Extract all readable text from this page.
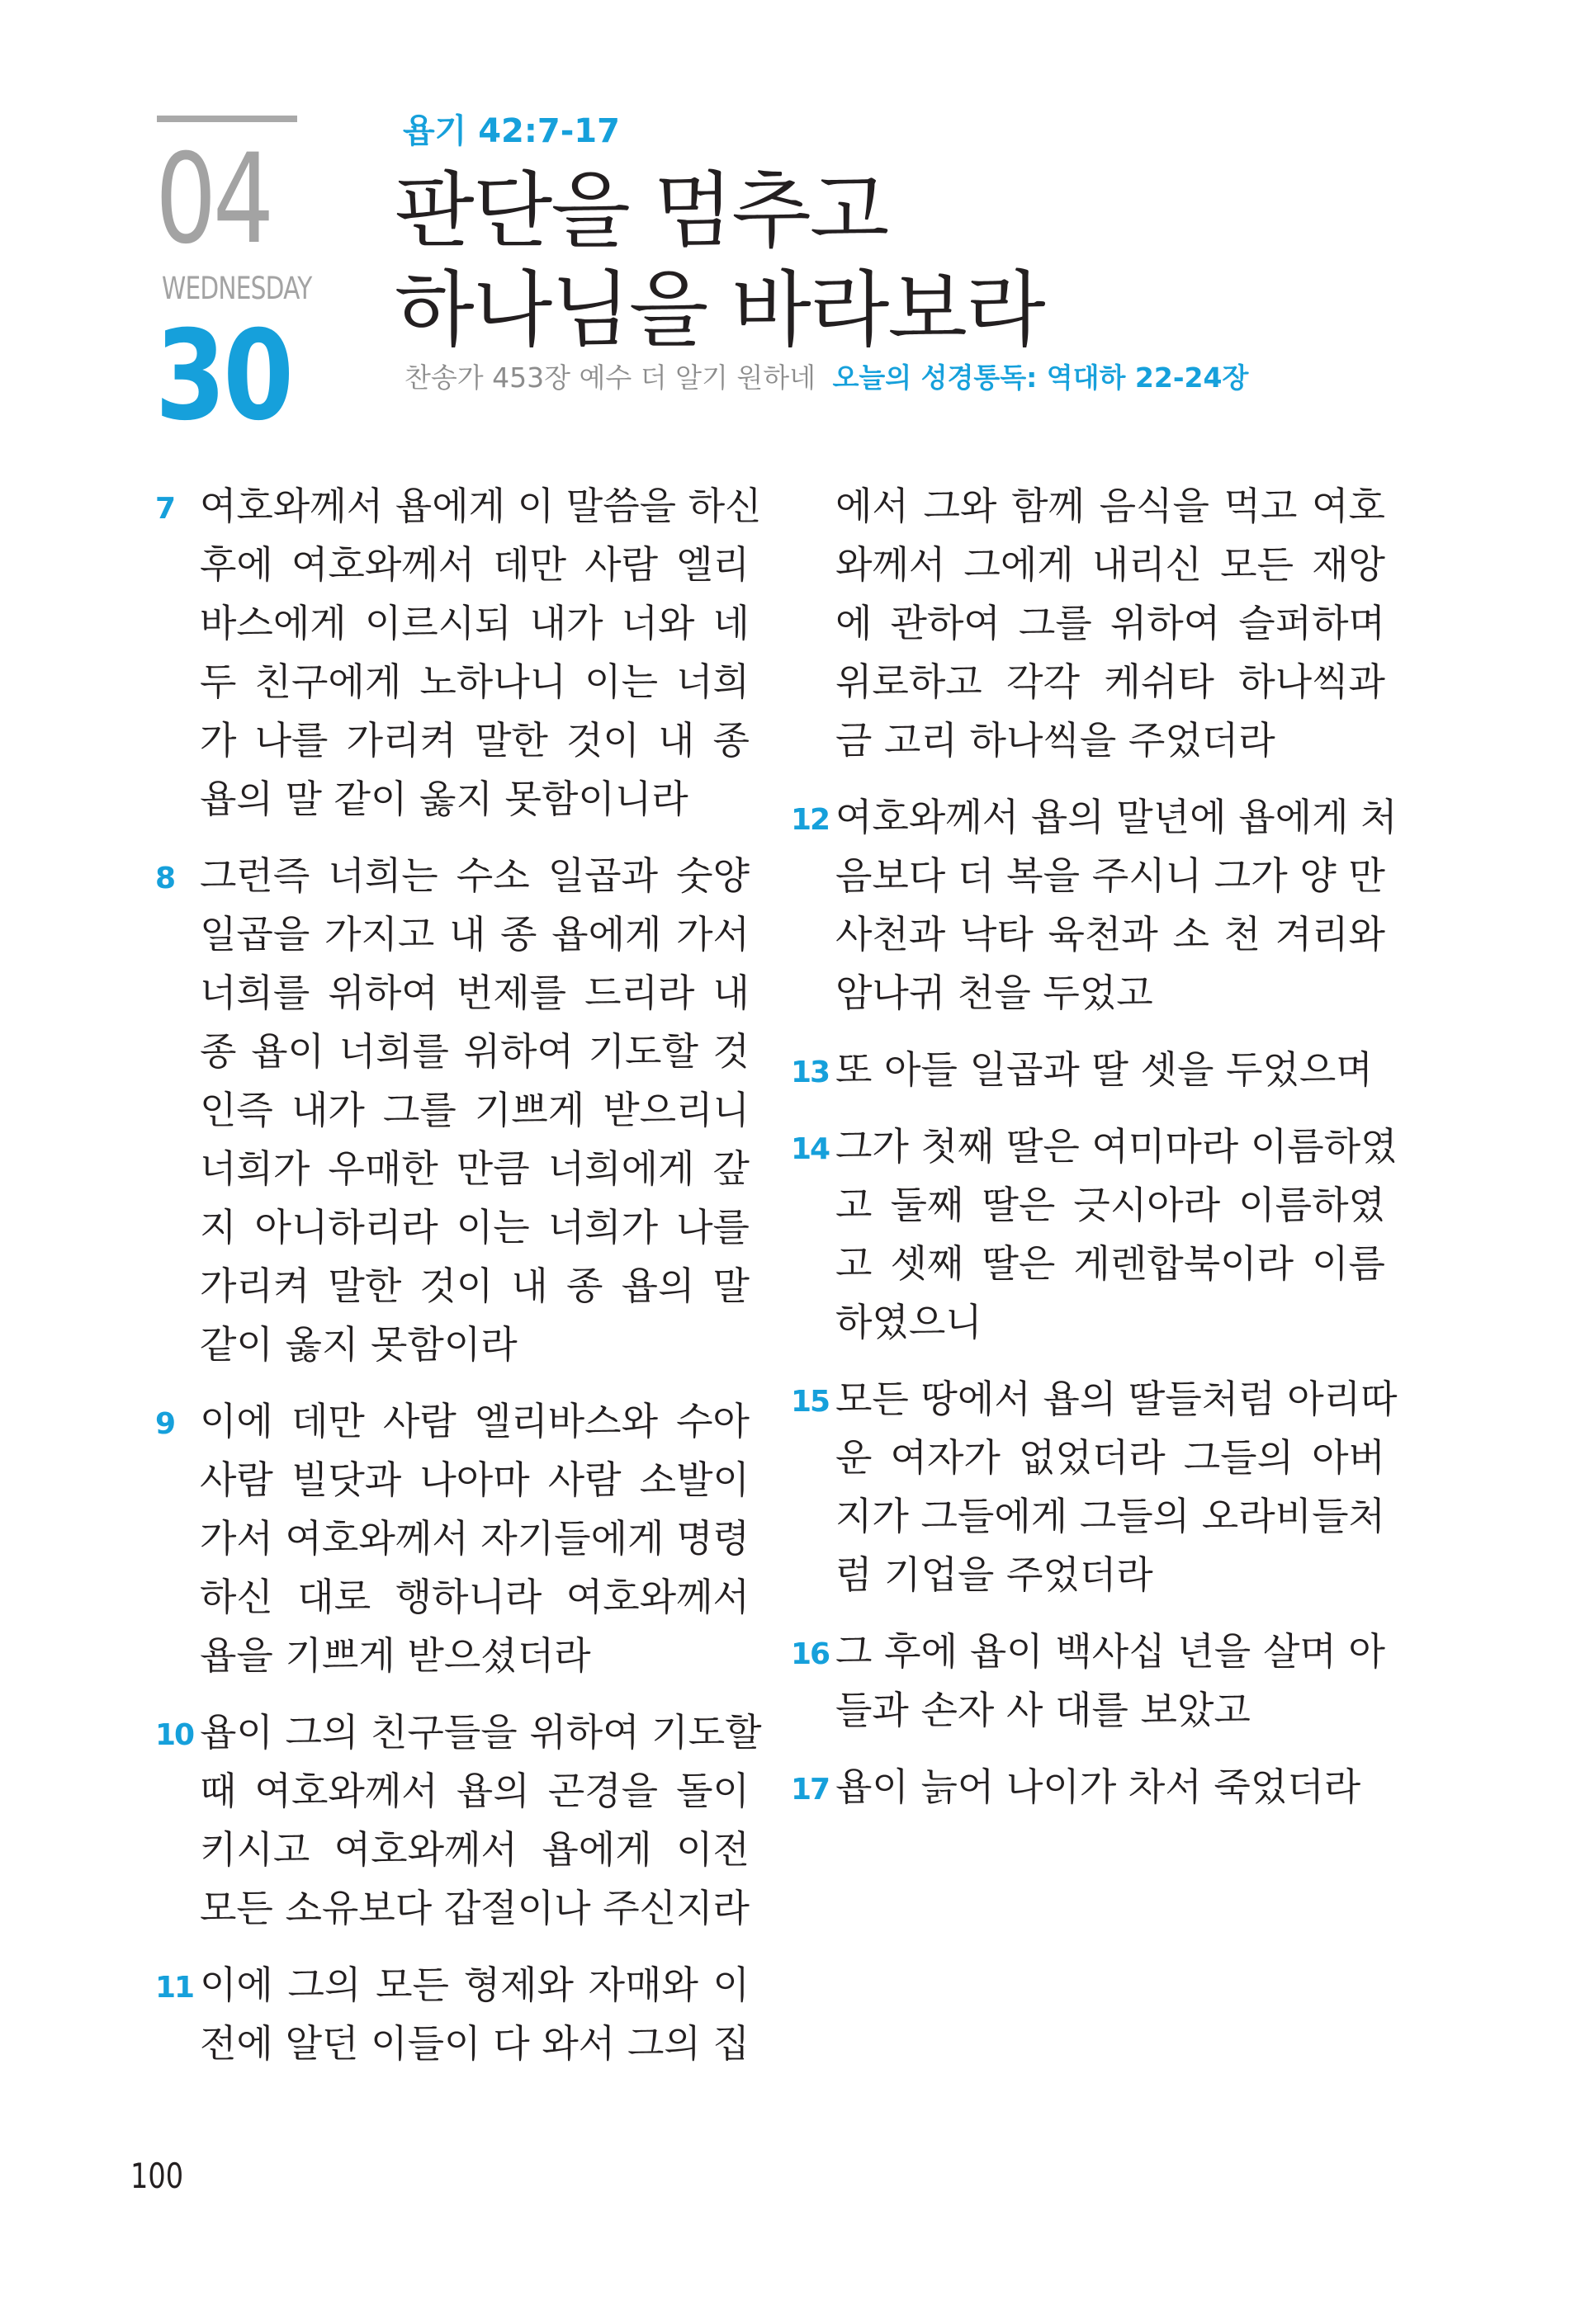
04
WEDNESDAY
30
욥기 42:7-17
판단을 멈추고
하나님을 바라보라
찬송가 453장 예수 더 알기 원하네 오늘의 성경통독: 역대하 22-24장
7 여호와께서 욥에게 이 말씀을 하신
후에 여호와께서 데만 사람 엘리
바스에게 이르시되 내가 너와 네
두 친구에게 노하나니 이는 너희
가 나를 가리켜 말한 것이 내 종
욥의 말 같이 옳지 못함이니라
8 그런즉 너희는 수소 일곱과 숫양
일곱을 가지고 내 종 욥에게 가서
너희를 위하여 번제를 드리라 내
종 욥이 너희를 위하여 기도할 것
인즉 내가 그를 기쁘게 받으리니
너희가 우매한 만큼 너희에게 갚
지 아니하리라 이는 너희가 나를
가리켜 말한 것이 내 종 욥의 말
같이 옳지 못함이라
9 이에 데만 사람 엘리바스와 수아
사람 빌닷과 나아마 사람 소발이
가서 여호와께서 자기들에게 명령
하신 대로 행하니라 여호와께서
욥을 기쁘게 받으셨더라
10 욥이 그의 친구들을 위하여 기도할
때 여호와께서 욥의 곤경을 돌이
키시고 여호와께서 욥에게 이전
모든 소유보다 갑절이나 주신지라
11 이에 그의 모든 형제와 자매와 이
전에 알던 이들이 다 와서 그의 집
에서 그와 함께 음식을 먹고 여호
와께서 그에게 내리신 모든 재앙
에 관하여 그를 위하여 슬퍼하며
위로하고 각각 케쉬타 하나씩과
금 고리 하나씩을 주었더라
12 여호와께서 욥의 말년에 욥에게 처
음보다 더 복을 주시니 그가 양 만
사천과 낙타 육천과 소 천 겨리와
암나귀 천을 두었고
13 또 아들 일곱과 딸 셋을 두었으며
14 그가 첫째 딸은 여미마라 이름하였
고 둘째 딸은 긋시아라 이름하였
고 셋째 딸은 게렌합북이라 이름
하였으니
15 모든 땅에서 욥의 딸들처럼 아리따
운 여자가 없었더라 그들의 아버
지가 그들에게 그들의 오라비들처
럼 기업을 주었더라
16 그 후에 욥이 백사십 년을 살며 아
들과 손자 사 대를 보았고
17 욥이 늙어 나이가 차서 죽었더라
100
